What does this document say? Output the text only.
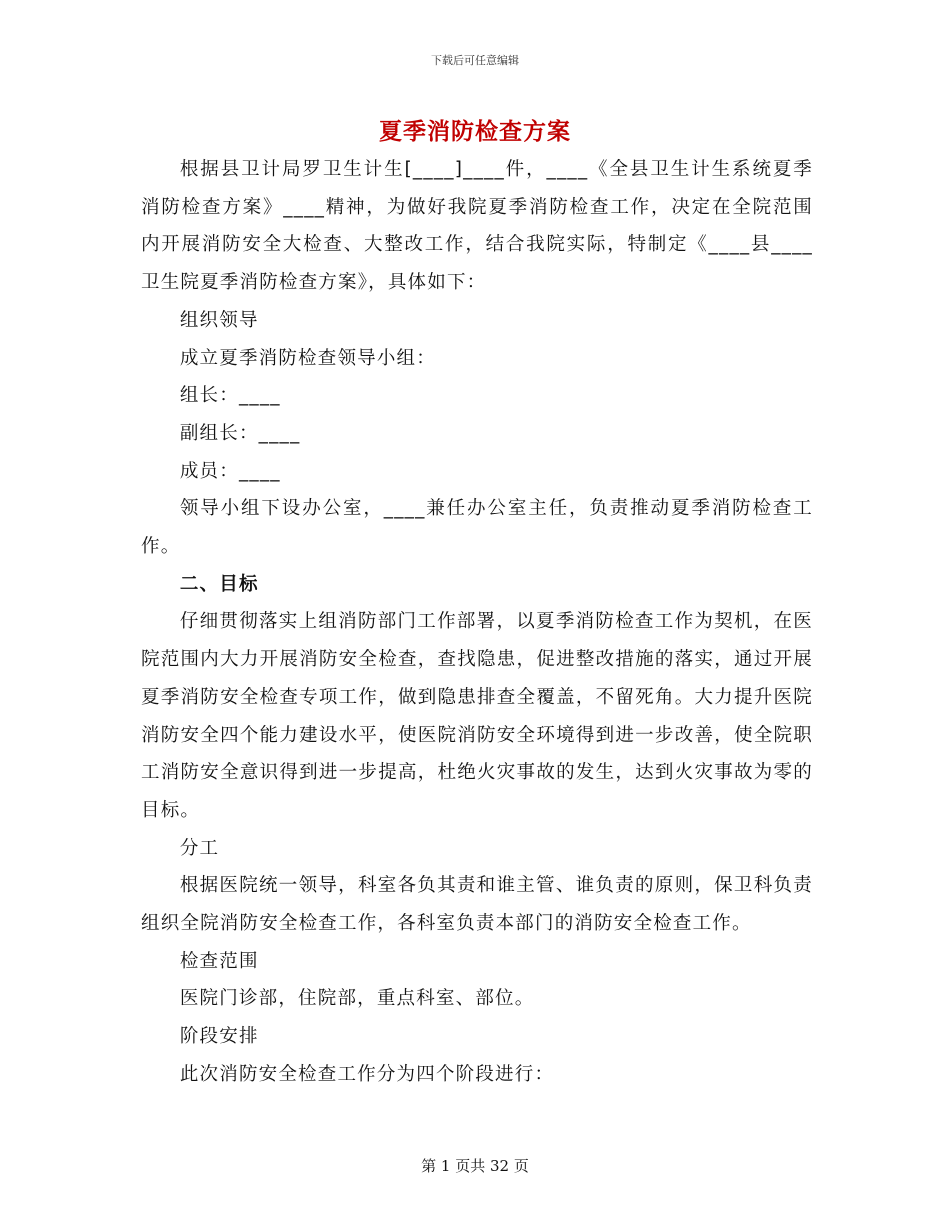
下载后可任意编辑
夏季消防检查方案

根据县卫计局罗卫生计生[____]____件，____《全县卫生计生系统夏季消防检查方案》____精神，为做好我院夏季消防检查工作，决定在全院范围内开展消防安全大检查、大整改工作，结合我院实际，特制定《____县____卫生院夏季消防检查方案》，具体如下：

组织领导

成立夏季消防检查领导小组：

组长：____

副组长：____

成员：____

领导小组下设办公室，____兼任办公室主任，负责推动夏季消防检查工作。

二、目标

仔细贯彻落实上组消防部门工作部署，以夏季消防检查工作为契机，在医院范围内大力开展消防安全检查，查找隐患，促进整改措施的落实，通过开展夏季消防安全检查专项工作，做到隐患排查全覆盖，不留死角。大力提升医院消防安全四个能力建设水平，使医院消防安全环境得到进一步改善，使全院职工消防安全意识得到进一步提高，杜绝火灾事故的发生，达到火灾事故为零的目标。

分工

根据医院统一领导，科室各负其责和谁主管、谁负责的原则，保卫科负责组织全院消防安全检查工作，各科室负责本部门的消防安全检查工作。

检查范围

医院门诊部，住院部，重点科室、部位。

阶段安排

此次消防安全检查工作分为四个阶段进行：

第 1 页共 32 页
